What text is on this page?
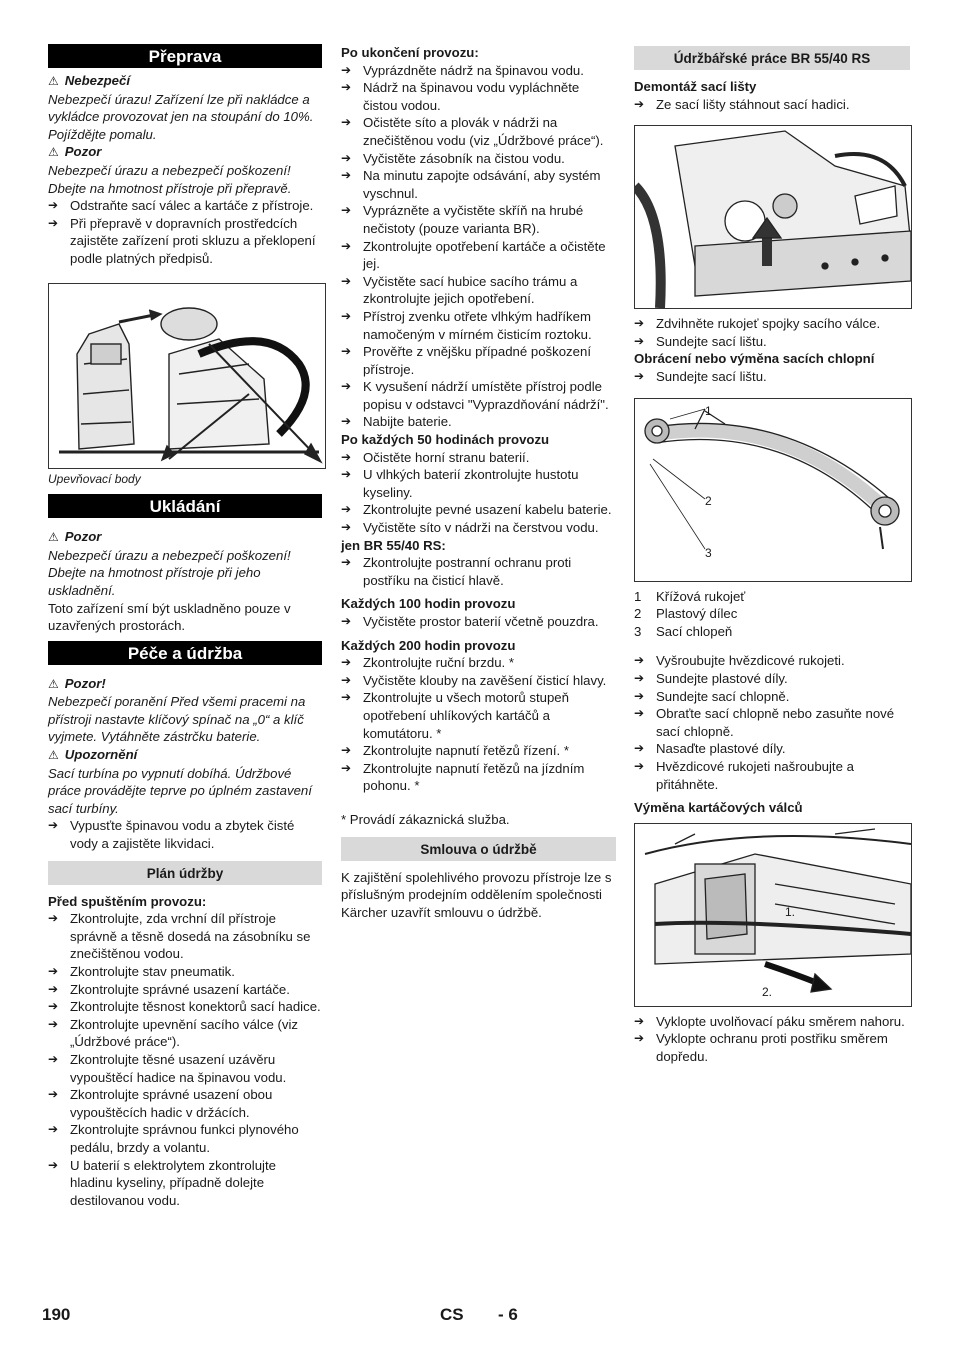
Přeprava

⚠ Nebezpečí

Nebezpečí úrazu! Zařízení lze při nakládce a vykládce provozovat jen na stoupání do 10%. Pojíždějte pomalu.

⚠ Pozor

Nebezpečí úrazu a nebezpečí poškození! Dbejte na hmotnost přístroje při přepravě.

➔ Odstraňte sací válec a kartáče z přístroje.
➔ Při přepravě v dopravních prostředcích zajistěte zařízení proti skluzu a překlopení podle platných předpisů.

Upevňovací body

Ukládání

⚠ Pozor

Nebezpečí úrazu a nebezpečí poškození! Dbejte na hmotnost přístroje při jeho uskladnění.

Toto zařízení smí být uskladněno pouze v uzavřených prostorách.

Péče a údržba

⚠ Pozor!

Nebezpečí poranění Před všemi pracemi na přístroji nastavte klíčový spínač na „0“ a klíč vyjmete. Vytáhněte zástrčku baterie.

⚠ Upozornění

Sací turbína po vypnutí dobíhá. Údržbové práce provádějte teprve po úplném zastavení sací turbíny.

➔ Vypusťte špinavou vodu a zbytek čisté vody a zajistěte likvidaci.
Plán údržby

Před spuštěním provozu:

➔ Zkontrolujte, zda vrchní díl přístroje správně a těsně dosedá na zásobníku se znečištěnou vodou.
➔ Zkontrolujte stav pneumatik.
➔ Zkontrolujte správné usazení kartáče.
➔ Zkontrolujte těsnost konektorů sací hadice.
➔ Zkontrolujte upevnění sacího válce (viz „Údržbové práce“).
➔ Zkontrolujte těsné usazení uzávěru vypouštěcí hadice na špinavou vodu.
➔ Zkontrolujte správné usazení obou vypouštěcích hadic v držácích.
➔ Zkontrolujte správnou funkci plynového pedálu, brzdy a volantu.
➔ U baterií s elektrolytem zkontrolujte hladinu kyseliny, případně dolejte destilovanou vodu.

Po ukončení provozu:

➔ Vyprázdněte nádrž na špinavou vodu.
➔ Nádrž na špinavou vodu vypláchněte čistou vodou.
➔ Očistěte síto a plovák v nádrži na znečištěnou vodu (viz „Údržbové práce“).
➔ Vyčistěte zásobník na čistou vodu.
➔ Na minutu zapojte odsávání, aby systém vyschnul.
➔ Vyprázněte a vyčistěte skříň na hrubé nečistoty (pouze varianta BR).
➔ Zkontrolujte opotřebení kartáče a očistěte jej.
➔ Vyčistěte sací hubice sacího trámu a zkontrolujte jejich opotřebení.
➔ Přístroj zvenku otřete vlhkým hadříkem namočeným v mírném čisticím roztoku.
➔ Prověřte z vnějšku případné poškození přístroje.
➔ K vysušení nádrží umístěte přístroj podle popisu v odstavci "Vyprazdňování nádrží".
➔ Nabijte baterie.

Po každých 50 hodinách provozu

➔ Očistěte horní stranu baterií.
➔ U vlhkých baterií zkontrolujte hustotu kyseliny.
➔ Zkontrolujte pevné usazení kabelu baterie.
➔ Vyčistěte síto v nádrži na čerstvou vodu.

jen BR 55/40 RS:

➔ Zkontrolujte postranní ochranu proti postříku na čisticí hlavě.

Každých 100 hodin provozu

➔ Vyčistěte prostor baterií včetně pouzdra.

Každých 200 hodin provozu

➔ Zkontrolujte ruční brzdu. *
➔ Vyčistěte klouby na zavěšení čisticí hlavy.
➔ Zkontrolujte u všech motorů stupeň opotřebení uhlíkových kartáčů a komutátoru. *
➔ Zkontrolujte napnutí řetězů řízení. *
➔ Zkontrolujte napnutí řetězů na jízdním pohonu. *

* Provádí zákaznická služba.

Smlouva o údržbě

K zajištění spolehlivého provozu přístroje lze s příslušným prodejním oddělením společnosti Kärcher uzavřít smlouvu o údržbě.

Údržbářské práce BR 55/40 RS

Demontáž sací lišty

➔ Ze sací lišty stáhnout sací hadici.
➔ Zdvihněte rukojeť spojky sacího válce.
➔ Sundejte sací lištu.

Obrácení nebo výměna sacích chlopní

➔ Sundejte sací lištu.
1
2
3
1 Křížová rukojeť
2 Plastový dílec
3 Sací chlopeň
➔ Vyšroubujte hvězdicové rukojeti.
➔ Sundejte plastové díly.
➔ Sundejte sací chlopně.
➔ Obraťte sací chlopně nebo zasuňte nové sací chlopně.
➔ Nasaďte plastové díly.
➔ Hvězdicové rukojeti našroubujte a přitáhněte.

Výměna kartáčových válců

1.
2.
➔ Vyklopte uvolňovací páku směrem nahoru.
➔ Vyklopte ochranu proti postřiku směrem dopředu.
190	CS - 6
